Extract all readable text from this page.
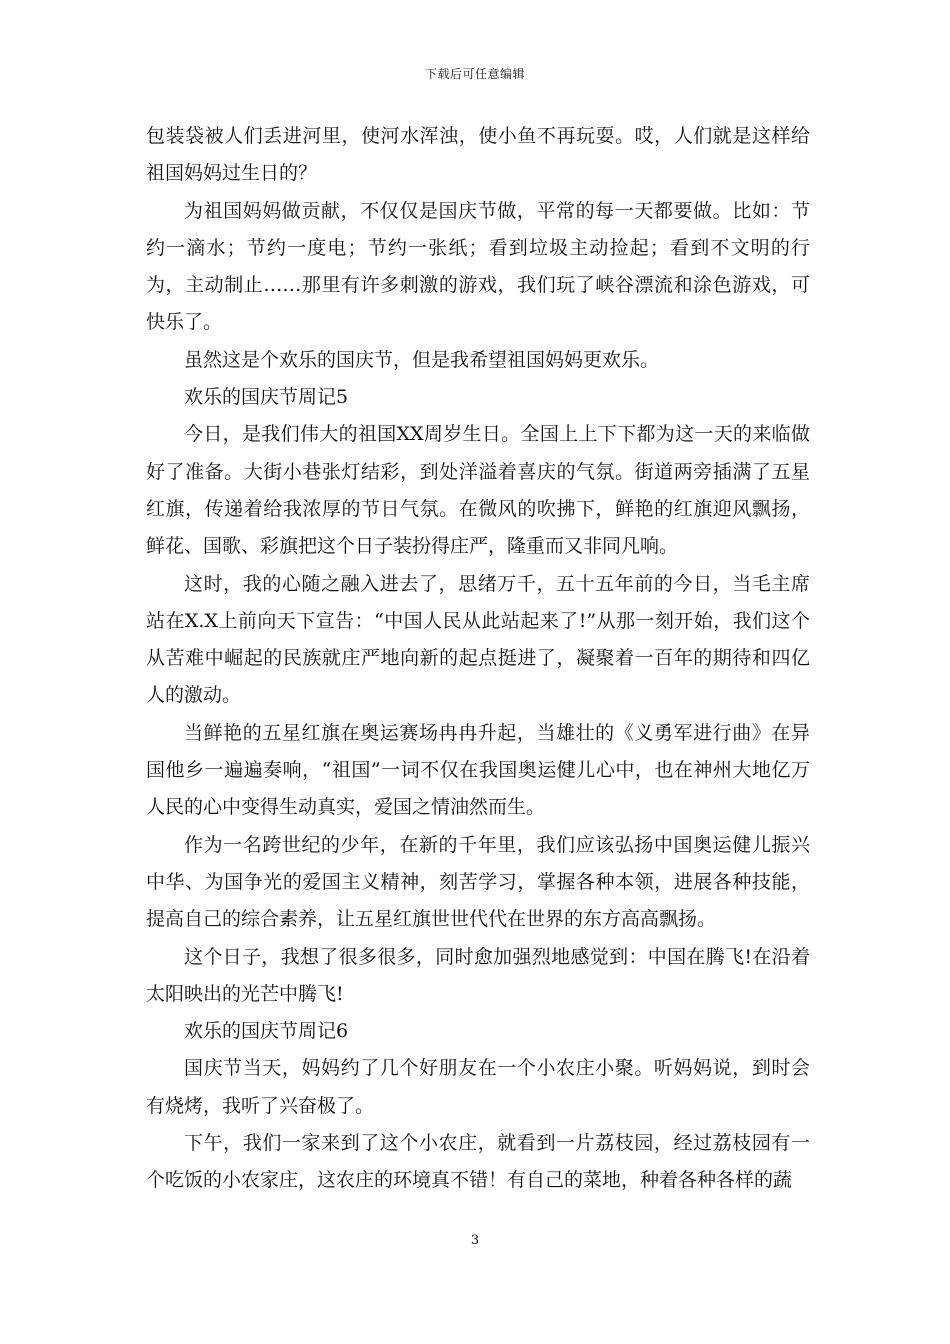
下载后可任意编辑

包装袋被人们丢进河里，使河水浑浊，使小鱼不再玩耍。哎，人们就是这样给祖国妈妈过生日的？

为祖国妈妈做贡献，不仅仅是国庆节做，平常的每一天都要做。比如：节约一滴水；节约一度电；节约一张纸；看到垃圾主动捡起；看到不文明的行为，主动制止……那里有许多刺激的游戏，我们玩了峡谷漂流和涂色游戏，可快乐了。

虽然这是个欢乐的国庆节，但是我希望祖国妈妈更欢乐。

欢乐的国庆节周记5

今日，是我们伟大的祖国XX周岁生日。全国上上下下都为这一天的来临做好了准备。大街小巷张灯结彩，到处洋溢着喜庆的气氛。街道两旁插满了五星红旗，传递着给我浓厚的节日气氛。在微风的吹拂下，鲜艳的红旗迎风飘扬，鲜花、国歌、彩旗把这个日子装扮得庄严，隆重而又非同凡响。

这时，我的心随之融入进去了，思绪万千，五十五年前的今日，当毛主席站在X.X上前向天下宣告：“中国人民从此站起来了!”从那一刻开始，我们这个从苦难中崛起的民族就庄严地向新的起点挺进了，凝聚着一百年的期待和四亿人的激动。

当鲜艳的五星红旗在奥运赛场冉冉升起，当雄壮的《义勇军进行曲》在异国他乡一遍遍奏响，“祖国”一词不仅在我国奥运健儿心中，也在神州大地亿万人民的心中变得生动真实，爱国之情油然而生。

作为一名跨世纪的少年，在新的千年里，我们应该弘扬中国奥运健儿振兴中华、为国争光的爱国主义精神，刻苦学习，掌握各种本领，进展各种技能，提高自己的综合素养，让五星红旗世世代代在世界的东方高高飘扬。

这个日子，我想了很多很多，同时愈加强烈地感觉到：中国在腾飞!在沿着太阳映出的光芒中腾飞!

欢乐的国庆节周记6

国庆节当天，妈妈约了几个好朋友在一个小农庄小聚。听妈妈说，到时会有烧烤，我听了兴奋极了。

下午，我们一家来到了这个小农庄，就看到一片荔枝园，经过荔枝园有一个吃饭的小农家庄，这农庄的环境真不错！有自己的菜地，种着各种各样的蔬

3
